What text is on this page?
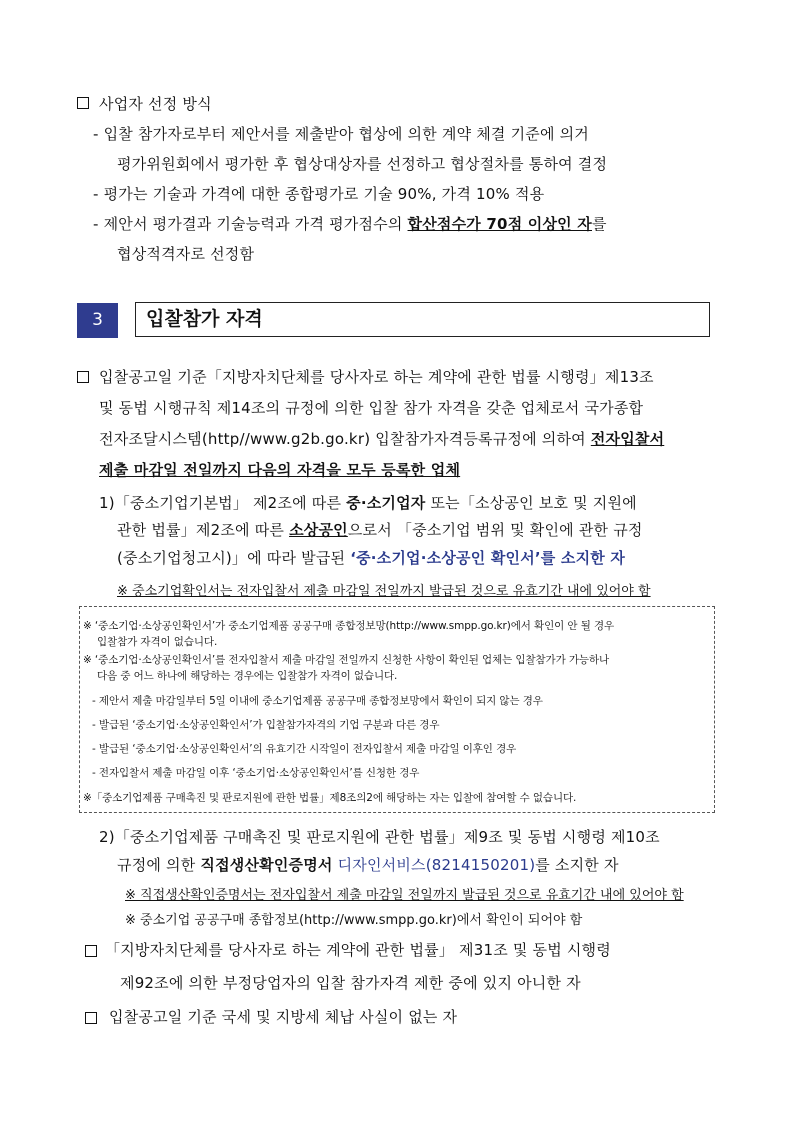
사업자 선정 방식
- 입찰 참가자로부터 제안서를 제출받아 협상에 의한 계약 체결 기준에 의거
평가위원회에서 평가한 후 협상대상자를 선정하고 협상절차를 통하여 결정
- 평가는 기술과 가격에 대한 종합평가로 기술 90%, 가격 10% 적용
- 제안서 평가결과 기술능력과 가격 평가점수의 합산점수가 70점 이상인 자를
협상적격자로 선정함
3	입찰참가 자격
입찰공고일 기준「지방자치단체를 당사자로 하는 계약에 관한 법률 시행령」제13조
및 동법 시행규칙 제14조의 규정에 의한 입찰 참가 자격을 갖춘 업체로서 국가종합
전자조달시스템(http//www.g2b.go.kr) 입찰참가자격등록규정에 의하여 전자입찰서
제출 마감일 전일까지 다음의 자격을 모두 등록한 업체
1)「중소기업기본법」 제2조에 따른 중·소기업자 또는「소상공인 보호 및 지원에
관한 법률」제2조에 따른 소상공인으로서 「중소기업 범위 및 확인에 관한 규정
(중소기업청고시)」에 따라 발급된 ‘중·소기업·소상공인 확인서’를 소지한 자
※ 중소기업확인서는 전자입찰서 제출 마감일 전일까지 발급된 것으로 유효기간 내에 있어야 함
※ ‘중소기업·소상공인확인서’가 중소기업제품 공공구매 종합정보망(http://www.smpp.go.kr)에서 확인이 안 될 경우
입찰참가 자격이 없습니다.
※ ‘중소기업·소상공인확인서’를 전자입찰서 제출 마감일 전일까지 신청한 사항이 확인된 업체는 입찰참가가 가능하나
다음 중 어느 하나에 해당하는 경우에는 입찰참가 자격이 없습니다.
- 제안서 제출 마감일부터 5일 이내에 중소기업제품 공공구매 종합정보망에서 확인이 되지 않는 경우
- 발급된 ‘중소기업·소상공인확인서’가 입찰참가자격의 기업 구분과 다른 경우
- 발급된 ‘중소기업·소상공인확인서’의 유효기간 시작일이 전자입찰서 제출 마감일 이후인 경우
- 전자입찰서 제출 마감일 이후 ‘중소기업·소상공인확인서’를 신청한 경우
※「중소기업제품 구매촉진 및 판로지원에 관한 법률」제8조의2에 해당하는 자는 입찰에 참여할 수 없습니다.
2)「중소기업제품 구매촉진 및 판로지원에 관한 법률」제9조 및 동법 시행령 제10조
규정에 의한 직접생산확인증명서 디자인서비스(8214150201)를 소지한 자
※ 직접생산확인증명서는 전자입찰서 제출 마감일 전일까지 발급된 것으로 유효기간 내에 있어야 함
※ 중소기업 공공구매 종합정보(http://www.smpp.go.kr)에서 확인이 되어야 함
「지방자치단체를 당사자로 하는 계약에 관한 법률」 제31조 및 동법 시행령
제92조에 의한 부정당업자의 입찰 참가자격 제한 중에 있지 아니한 자
입찰공고일 기준 국세 및 지방세 체납 사실이 없는 자
